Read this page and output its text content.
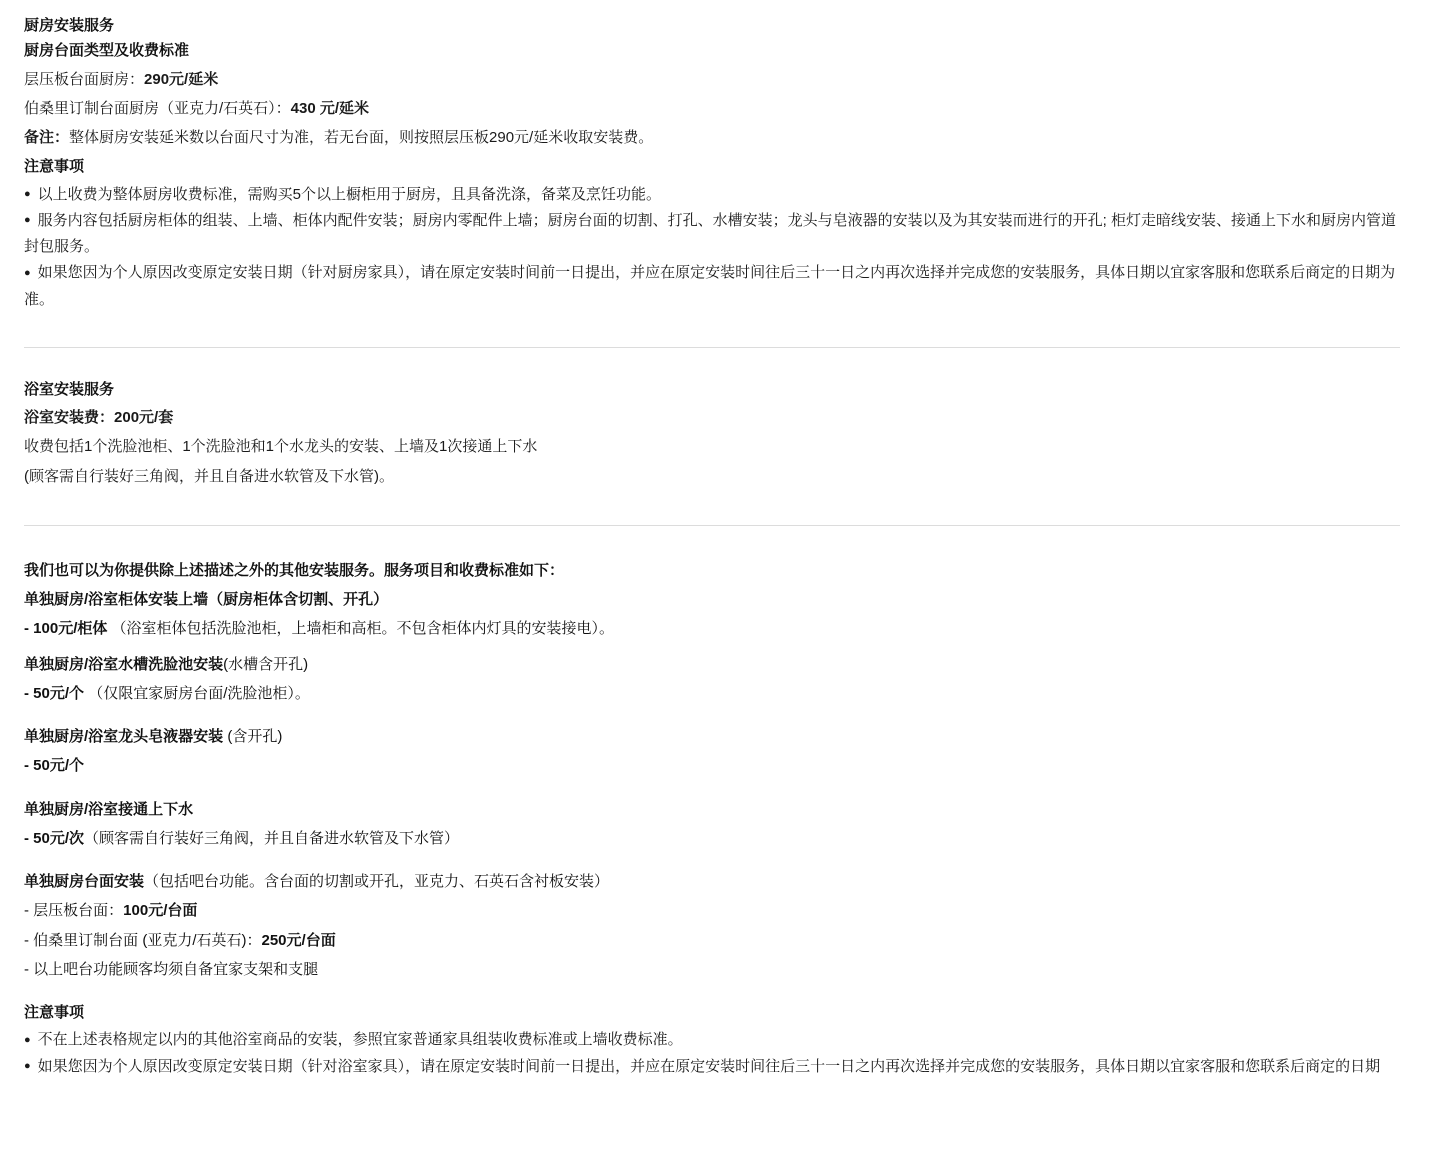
厨房安装服务
厨房台面类型及收费标准

层压板台面厨房：290元/延米

伯桑里订制台面厨房（亚克力/石英石）：430 元/延米

备注：整体厨房安装延米数以台面尺寸为准，若无台面，则按照层压板290元/延米收取安装费。

注意事项

● 以上收费为整体厨房收费标准，需购买5个以上橱柜用于厨房，且具备洗涤，备菜及烹饪功能。

● 服务内容包括厨房柜体的组装、上墙、柜体内配件安装；厨房内零配件上墙；厨房台面的切割、打孔、水槽安装；龙头与皂液器的安装以及为其安装而进行的开孔; 柜灯走暗线安装、接通上下水和厨房内管道封包服务。

● 如果您因为个人原因改变原定安装日期（针对厨房家具），请在原定安装时间前一日提出，并应在原定安装时间往后三十一日之内再次选择并完成您的安装服务，具体日期以宜家客服和您联系后商定的日期为准。

浴室安装服务

浴室安装费：200元/套

收费包括1个洗脸池柜、1个洗脸池和1个水龙头的安装、上墙及1次接通上下水

(顾客需自行装好三角阀，并且自备进水软管及下水管)。

我们也可以为你提供除上述描述之外的其他安装服务。服务项目和收费标准如下：

单独厨房/浴室柜体安装上墙（厨房柜体含切割、开孔）

- 100元/柜体 （浴室柜体包括洗脸池柜，上墙柜和高柜。不包含柜体内灯具的安装接电）。

单独厨房/浴室水槽洗脸池安装(水槽含开孔)

- 50元/个 （仅限宜家厨房台面/洗脸池柜）。

单独厨房/浴室龙头皂液器安装 (含开孔)

- 50元/个

单独厨房/浴室接通上下水

- 50元/次（顾客需自行装好三角阀，并且自备进水软管及下水管）

单独厨房台面安装（包括吧台功能。含台面的切割或开孔，亚克力、石英石含衬板安装）

- 层压板台面：100元/台面

- 伯桑里订制台面 (亚克力/石英石)：250元/台面

- 以上吧台功能顾客均须自备宜家支架和支腿

注意事项

● 不在上述表格规定以内的其他浴室商品的安装，参照宜家普通家具组装收费标准或上墙收费标准。

● 如果您因为个人原因改变原定安装日期（针对浴室家具），请在原定安装时间前一日提出，并应在原定安装时间往后三十一日之内再次选择并完成您的安装服务，具体日期以宜家客服和您联系后商定的日期
